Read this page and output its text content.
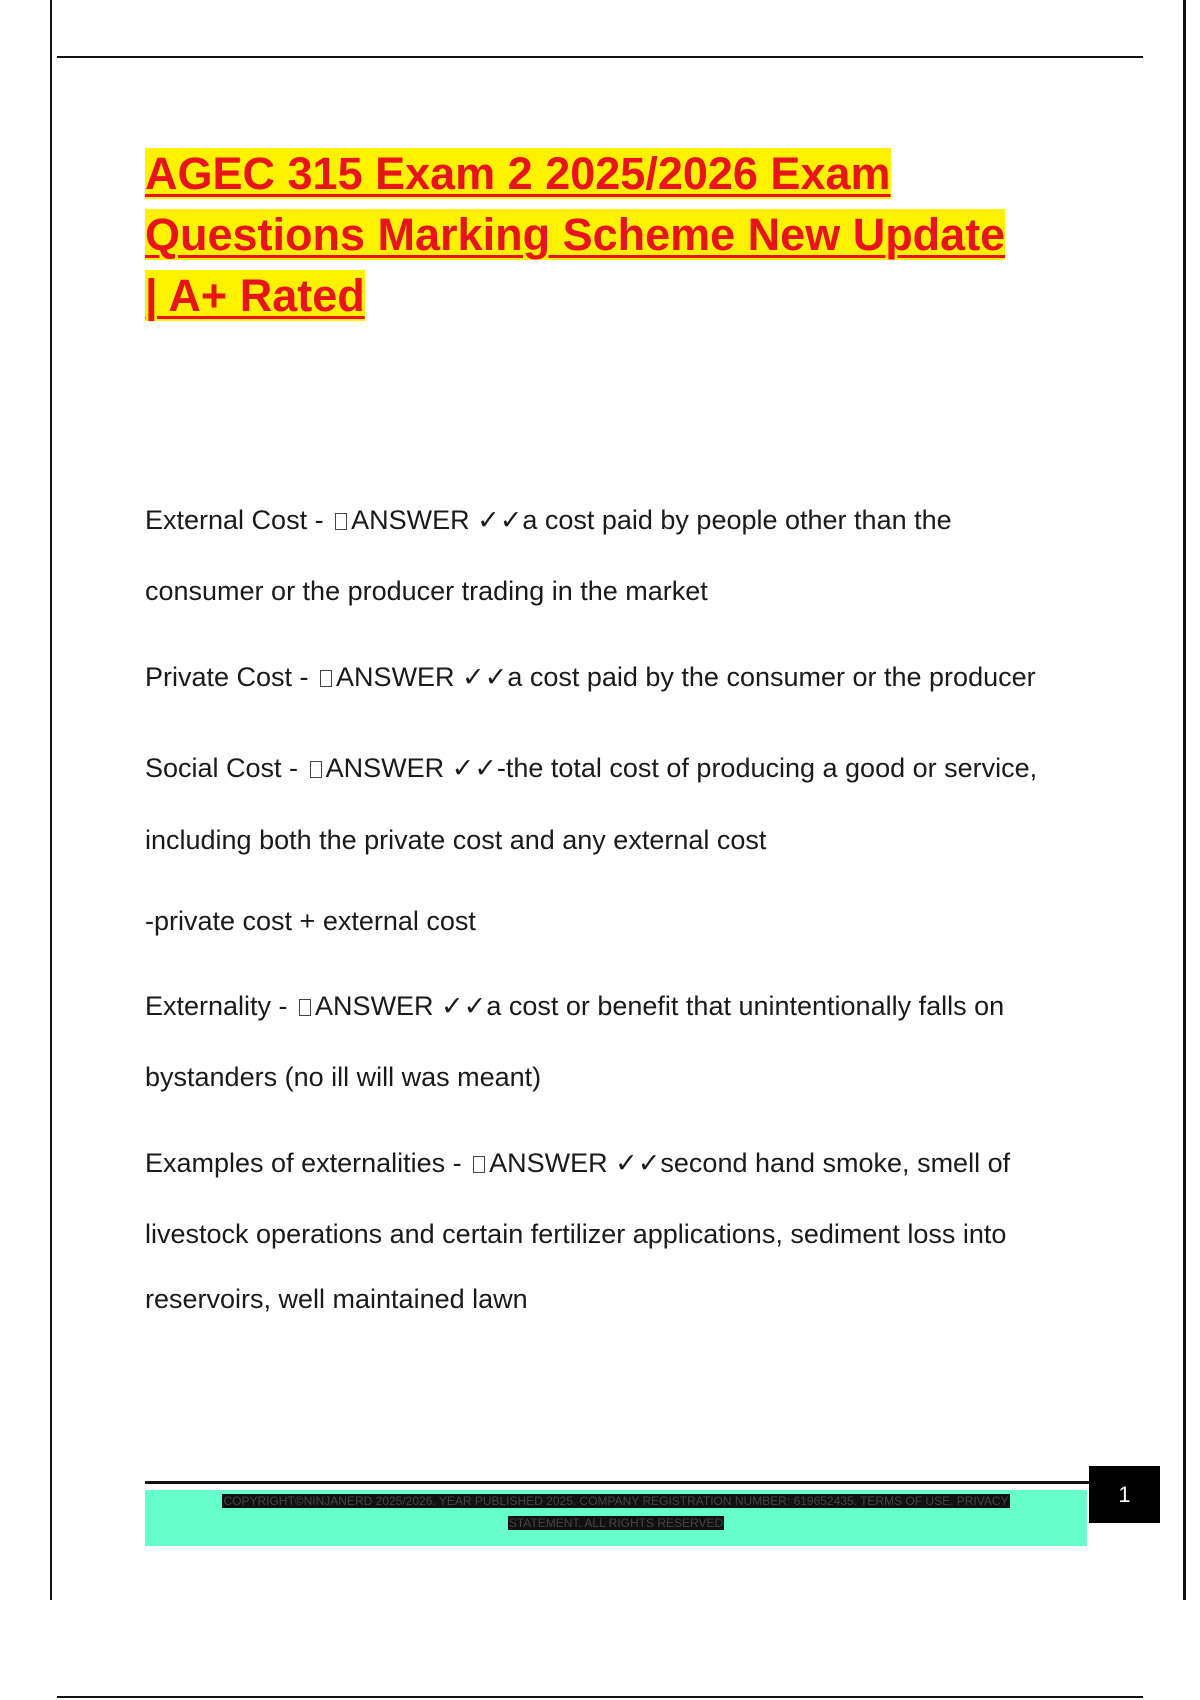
AGEC 315 Exam 2 2025/2026 Exam
Questions Marking Scheme New Update
| A+ Rated
External Cost - ANSWER ✓✓a cost paid by people other than the
consumer or the producer trading in the market
Private Cost - ANSWER ✓✓a cost paid by the consumer or the producer
Social Cost - ANSWER ✓✓-the total cost of producing a good or service,
including both the private cost and any external cost
-private cost + external cost
Externality - ANSWER ✓✓a cost or benefit that unintentionally falls on
bystanders (no ill will was meant)
Examples of externalities - ANSWER ✓✓second hand smoke, smell of
livestock operations and certain fertilizer applications, sediment loss into
reservoirs, well maintained lawn
COPYRIGHT©NINJANERD 2025/2026. YEAR PUBLISHED 2025. COMPANY REGISTRATION NUMBER: 619652435. TERMS OF USE. PRIVACY
STATEMENT. ALL RIGHTS RESERVED
1
